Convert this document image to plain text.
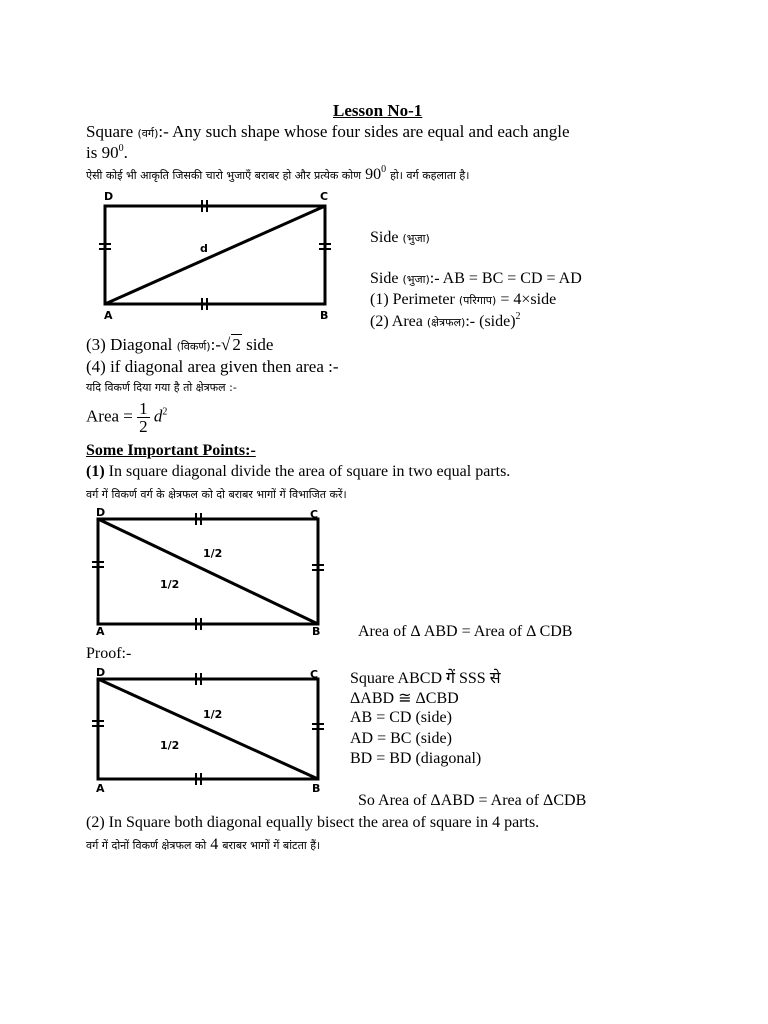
Lesson No-1
Square (वर्ग):- Any such shape whose four sides are equal and each angle
is $90^0$.
ऐसी कोई भी आकृति जिसकी चारो भुजाएँ बराबर हो और प्रत्येक कोण $90^0$ हो। वर्ग कहलाता है।
D	C
A	B
d
Side (भुजा)
Side (भुजा):- AB = BC = CD = AD
(1) Perimeter (परिगाप) = 4×side
(2) Area (क्षेत्रफल):- (side)$^2$
(3) Diagonal (विकर्ण):-√ 2 side
(4) if diagonal area given then area :-
यदि विकर्ण दिया गया है तो क्षेत्रफल :-
Area = $\frac{1}{2} d^2$
Some Important Points:-
(1) In square diagonal divide the area of square in two equal parts.
वर्ग गें विकर्ण वर्ग के क्षेत्रफल को दो बराबर भागों गें विभाजित करें।
D	C
A	B
1/2
1/2
Area of Δ ABD = Area of Δ CDB
Proof:-
D	C
A	B
1/2
1/2
Square ABCD गें SSS से
ΔABD ≅ ΔCBD
AB = CD (side)
AD = BC (side)
BD = BD (diagonal)
So Area of ΔABD = Area of ΔCDB
(2) In Square both diagonal equally bisect the area of square in 4 parts.
वर्ग गें दोनों विकर्ण क्षेत्रफल को 4 बराबर भागों गें बांटता हैं।
